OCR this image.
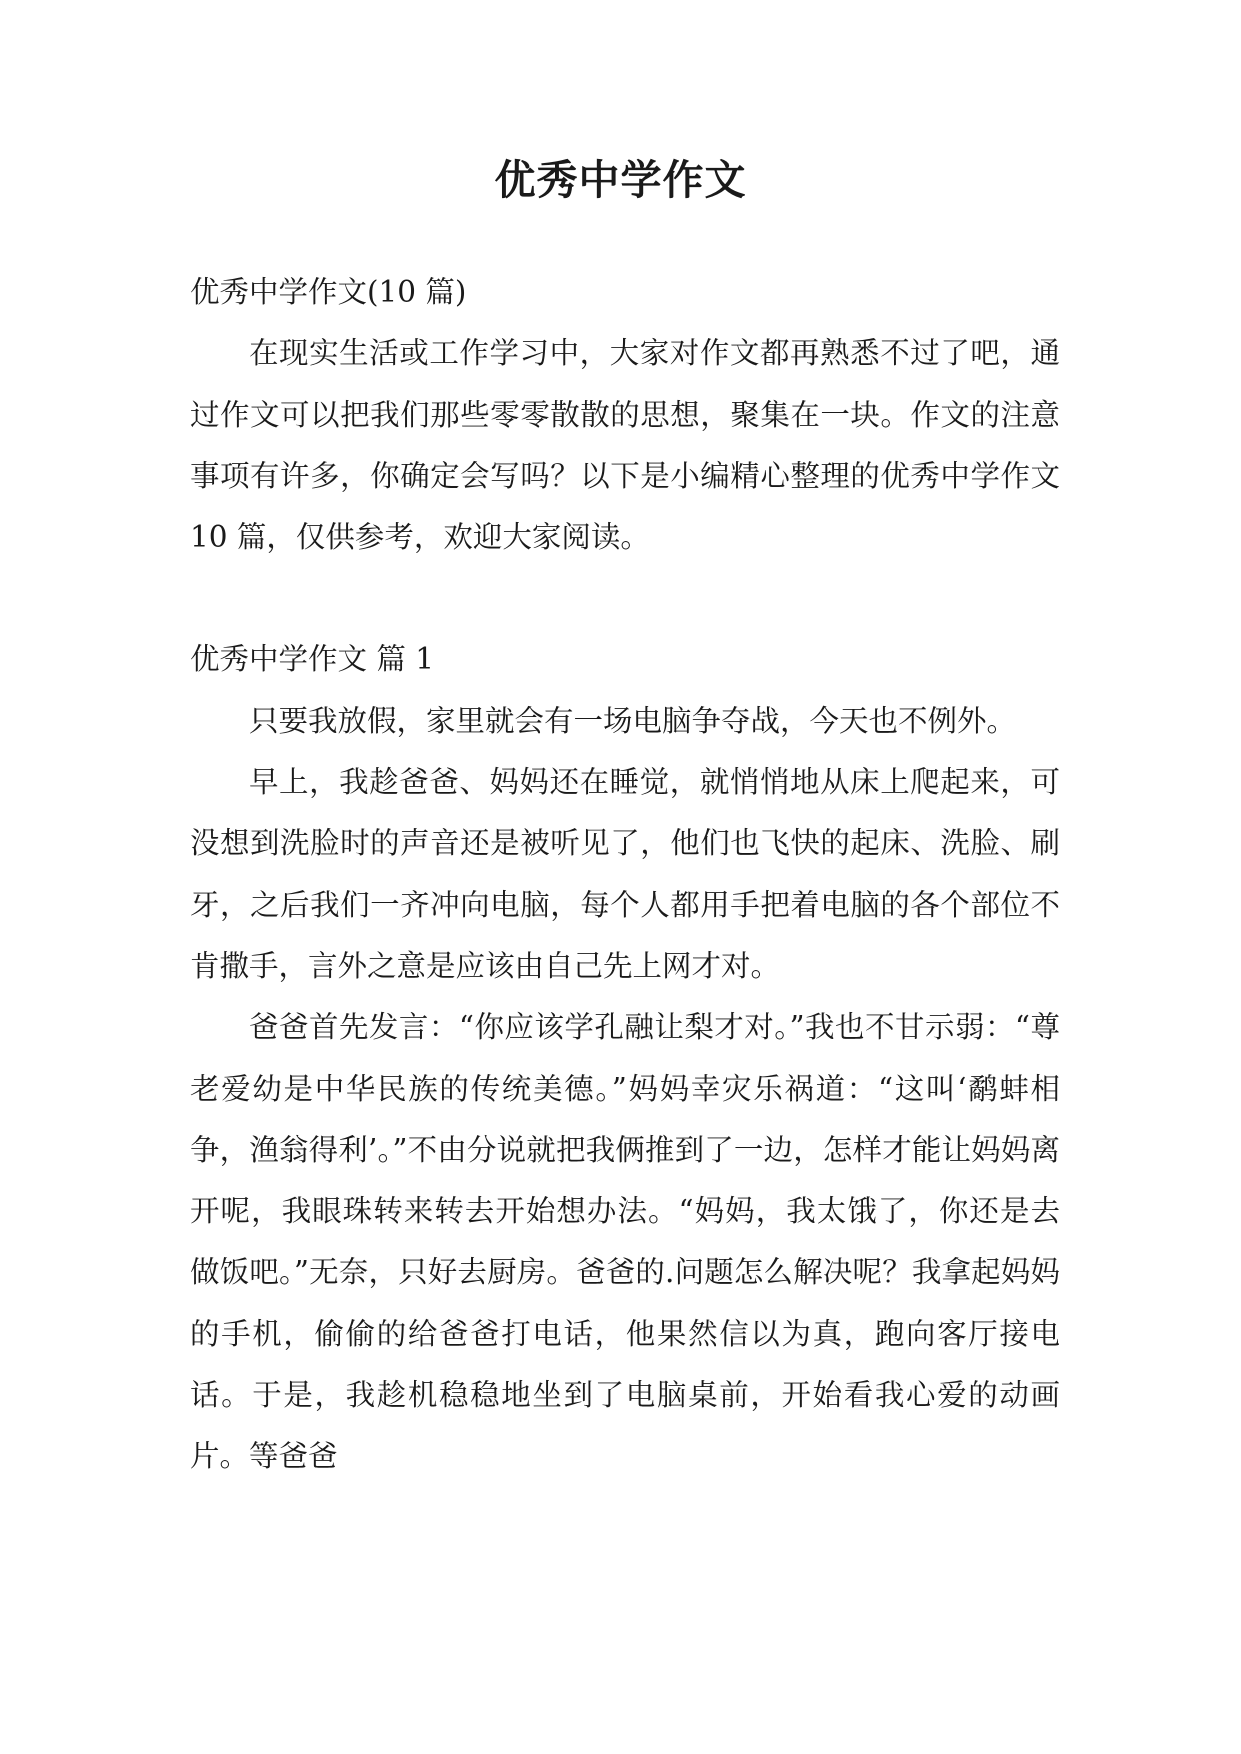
优秀中学作文

优秀中学作文(10 篇)

在现实生活或工作学习中，大家对作文都再熟悉不过了吧，通过作文可以把我们那些零零散散的思想，聚集在一块。作文的注意事项有许多，你确定会写吗？以下是小编精心整理的优秀中学作文 10 篇，仅供参考，欢迎大家阅读。

优秀中学作文 篇 1

只要我放假，家里就会有一场电脑争夺战，今天也不例外。

早上，我趁爸爸、妈妈还在睡觉，就悄悄地从床上爬起来，可没想到洗脸时的声音还是被听见了，他们也飞快的起床、洗脸、刷牙，之后我们一齐冲向电脑，每个人都用手把着电脑的各个部位不肯撒手，言外之意是应该由自己先上网才对。

爸爸首先发言：“你应该学孔融让梨才对。”我也不甘示弱：“尊老爱幼是中华民族的传统美德。”妈妈幸灾乐祸道：“这叫‘鹬蚌相争，渔翁得利’。”不由分说就把我俩推到了一边，怎样才能让妈妈离开呢，我眼珠转来转去开始想办法。“妈妈，我太饿了，你还是去做饭吧。”无奈，只好去厨房。爸爸的.问题怎么解决呢？我拿起妈妈的手机，偷偷的给爸爸打电话，他果然信以为真，跑向客厅接电话。于是，我趁机稳稳地坐到了电脑桌前，开始看我心爱的动画片。等爸爸
